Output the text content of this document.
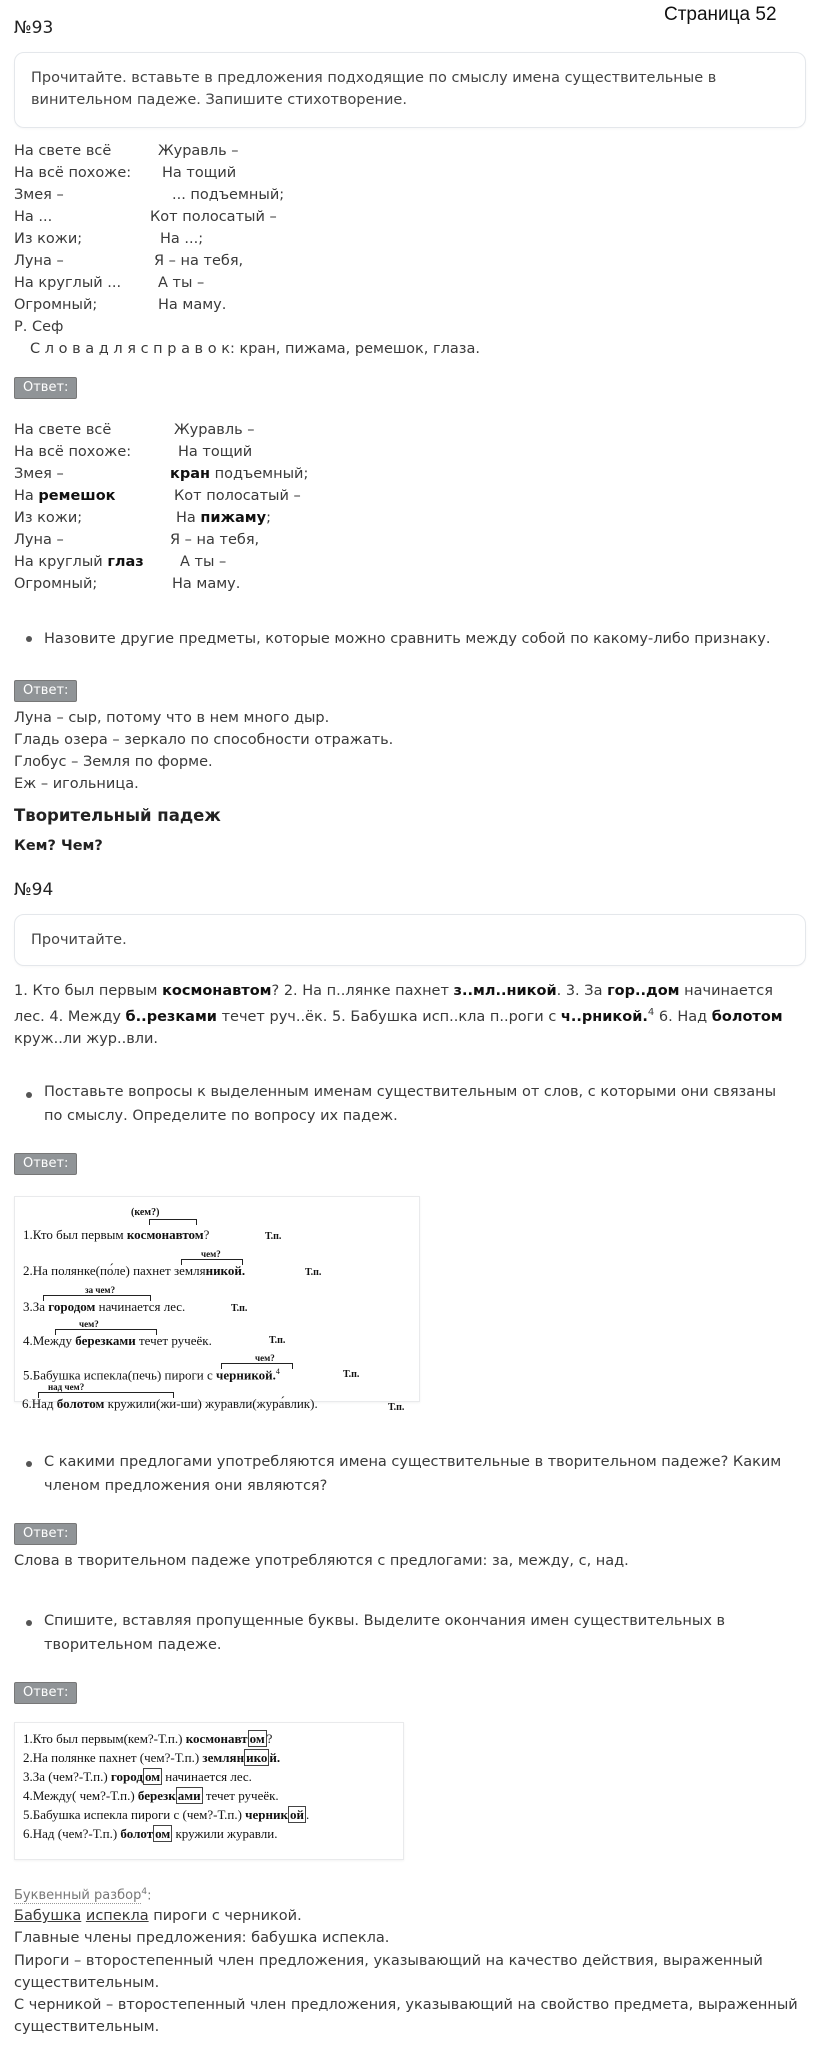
№93
Страница 52
Прочитайте. вставьте в предложения подходящие по смыслу имена существительные в винительном падеже. Запишите стихотворение.
На свете всё
На всё похоже:
Змея –
На ...
Из кожи;
Луна –
На круглый ...
Огромный;
Р. Сеф
Журавль –
На тощий
... подъемный;
Кот полосатый –
На ...;
Я – на тебя,
А ты –
На маму.
С л о в а д л я с п р а в о к: кран, пижама, ремешок, глаза.
Ответ:
На свете всё
На всё похоже:
Змея –
На ремешок
Из кожи;
Луна –
На круглый глаз
Огромный;
Журавль –
На тощий
кран подъемный;
Кот полосатый –
На пижаму;
Я – на тебя,
А ты –
На маму.
Назовите другие предметы, которые можно сравнить между собой по какому-либо признаку.
Ответ:
Луна – сыр, потому что в нем много дыр.
Гладь озера – зеркало по способности отражать.
Глобус – Земля по форме.
Еж – игольница.
Творительный падеж
Кем? Чем?
№94
Прочитайте.
1. Кто был первым космонавтом? 2. На п..лянке пахнет з..мл..никой. 3. За гор..дом начинается лес. 4. Между б..резками течет руч..ёк. 5. Бабушка исп..кла п..роги с ч..рникой.$^4$ 6. Над болотом круж..ли жур..вли.
Поставьте вопросы к выделенным именам существительным от слов, с которыми они связаны по смыслу. Определите по вопросу их падеж.
Ответ:
(кем?)
1.Кто был первым космонавтом?	Т.п.
чем?
2.На полянке(по́ле) пахнет земляникой.	Т.п.
за чем?
3.За городом начинается лес.	Т.п.
чем?
4.Между березками течет ручеёк.	Т.п.
чем?
5.Бабушка испекла(печь) пироги с черникой.$^4$	Т.п.
над чем?
6.Над болотом кружили(жи-ши) журавли(жура́влик).	Т.п.
С какими предлогами употребляются имена существительные в творительном падеже? Каким членом предложения они являются?
Ответ:
Слова в творительном падеже употребляются с предлогами: за, между, с, над.
Спишите, вставляя пропущенные буквы. Выделите окончания имен существительных в творительном падеже.
Ответ:
1.Кто был первым(кем?-Т.п.) космонавт ом ?
2.На полянке пахнет (чем?-Т.п.) землян ико й.
3.За (чем?-Т.п.) город ом начинается лес.
4.Между( чем?-Т.п.) березк ами течет ручеёк.
5.Бабушка испекла пироги с (чем?-Т.п.) черник ой .
6.Над (чем?-Т.п.) болот ом кружили журавли.
Буквенный разбор$^4$:
Бабушка испекла пироги с черникой.
Главные члены предложения: бабушка испекла.
Пироги – второстепенный член предложения, указывающий на качество действия, выраженный существительным.
С черникой – второстепенный член предложения, указывающий на свойство предмета, выраженный существительным.
